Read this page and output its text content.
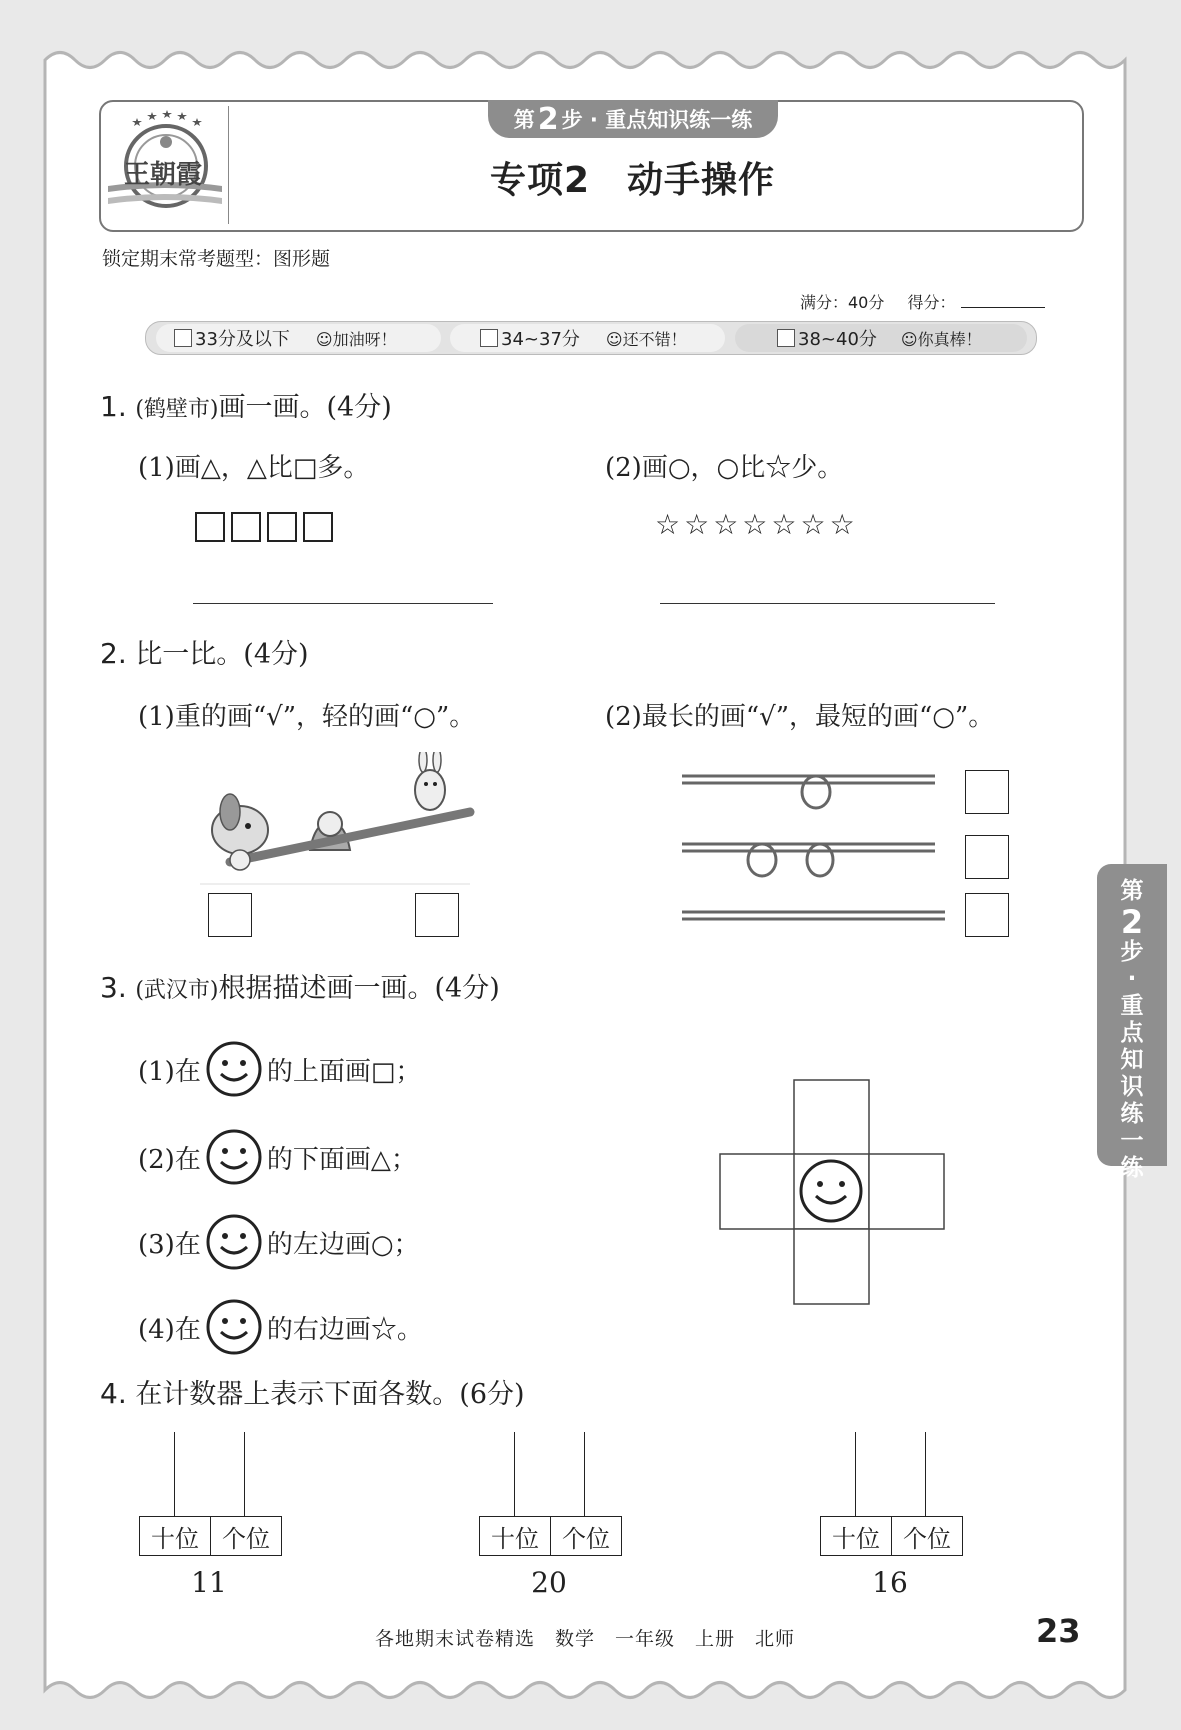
王朝霞
第 2 步 · 重点知识练一练
专项2　动手操作
锁定期末常考题型：图形题
满分：40分 得分：
33分及以下 ☺加油呀！	34~37分 ☺还不错！	38~40分 ☺你真棒！
1. (鹤壁市)画一画。(4分)
(1)画△，△比□多。	(2)画○，○比☆少。
☆☆☆☆☆☆☆
2. 比一比。(4分)
(1)重的画“√”，轻的画“○”。	(2)最长的画“√”，最短的画“○”。
3. (武汉市)根据描述画一画。(4分)
(1)在	的上面画□；
(2)在	的下面画△；
(3)在	的左边画○；
(4)在	的右边画☆。
4. 在计数器上表示下面各数。(6分)
十位 个位
11
十位 个位
20
十位 个位
16
第
2
步·重点知识练一练
各地期末试卷精选　数学　一年级　上册　北师	23
